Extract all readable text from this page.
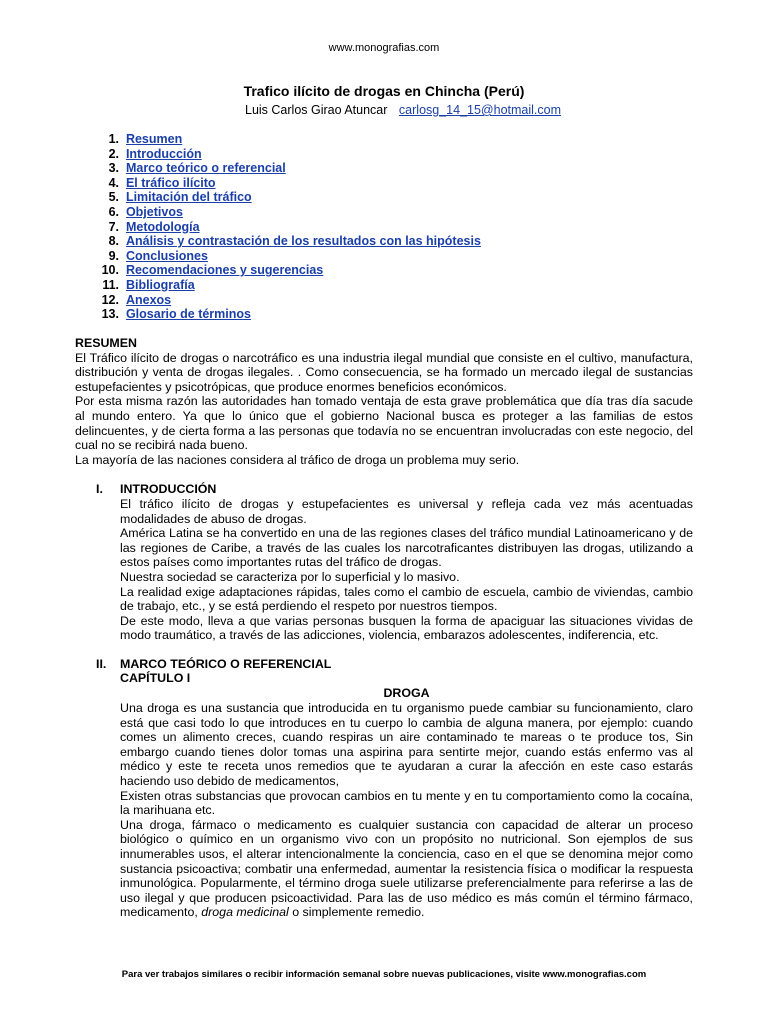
www.monografias.com
Trafico ilícito de drogas en Chincha (Perú)
Luis Carlos Girao Atuncar carlosg_14_15@hotmail.com
1. Resumen
2. Introducción
3. Marco teórico o referencial
4. El tráfico ilícito
5. Limitación del tráfico
6. Objetivos
7. Metodología
8. Análisis y contrastación de los resultados con las hipótesis
9. Conclusiones
10. Recomendaciones y sugerencias
11. Bibliografía
12. Anexos
13. Glosario de términos

RESUMEN

El Tráfico ilícito de drogas o narcotráfico es una industria ilegal mundial que consiste en el cultivo, manufactura, distribución y venta de drogas ilegales. . Como consecuencia, se ha formado un mercado ilegal de sustancias estupefacientes y psicotrópicas, que produce enormes beneficios económicos.

Por esta misma razón las autoridades han tomado ventaja de esta grave problemática que día tras día sacude al mundo entero. Ya que lo único que el gobierno Nacional busca es proteger a las familias de estos delincuentes, y de cierta forma a las personas que todavía no se encuentran involucradas con este negocio, del cual no se recibirá nada bueno.

La mayoría de las naciones considera al tráfico de droga un problema muy serio.

I. INTRODUCCIÓN

El tráfico ilícito de drogas y estupefacientes es universal y refleja cada vez más acentuadas modalidades de abuso de drogas.

América Latina se ha convertido en una de las regiones clases del tráfico mundial Latinoamericano y de las regiones de Caribe, a través de las cuales los narcotraficantes distribuyen las drogas, utilizando a estos países como importantes rutas del tráfico de drogas.

Nuestra sociedad se caracteriza por lo superficial y lo masivo.

La realidad exige adaptaciones rápidas, tales como el cambio de escuela, cambio de viviendas, cambio de trabajo, etc., y se está perdiendo el respeto por nuestros tiempos.

De este modo, lleva a que varias personas busquen la forma de apaciguar las situaciones vividas de modo traumático, a través de las adicciones, violencia, embarazos adolescentes, indiferencia, etc.

II. MARCO TEÓRICO O REFERENCIAL
CAPÍTULO I
DROGA

Una droga es una sustancia que introducida en tu organismo puede cambiar su funcionamiento, claro está que casi todo lo que introduces en tu cuerpo lo cambia de alguna manera, por ejemplo: cuando comes un alimento creces, cuando respiras un aire contaminado te mareas o te produce tos, Sin embargo cuando tienes dolor tomas una aspirina para sentirte mejor, cuando estás enfermo vas al médico y este te receta unos remedios que te ayudaran a curar la afección en este caso estarás haciendo uso debido de medicamentos,

Existen otras substancias que provocan cambios en tu mente y en tu comportamiento como la cocaína, la marihuana etc.

Una droga, fármaco o medicamento es cualquier sustancia con capacidad de alterar un proceso biológico o químico en un organismo vivo con un propósito no nutricional. Son ejemplos de sus innumerables usos, el alterar intencionalmente la conciencia, caso en el que se denomina mejor como sustancia psicoactiva; combatir una enfermedad, aumentar la resistencia física o modificar la respuesta inmunológica. Popularmente, el término droga suele utilizarse preferencialmente para referirse a las de uso ilegal y que producen psicoactividad. Para las de uso médico es más común el término fármaco, medicamento, droga medicinal o simplemente remedio.

Para ver trabajos similares o recibir información semanal sobre nuevas publicaciones, visite www.monografias.com
